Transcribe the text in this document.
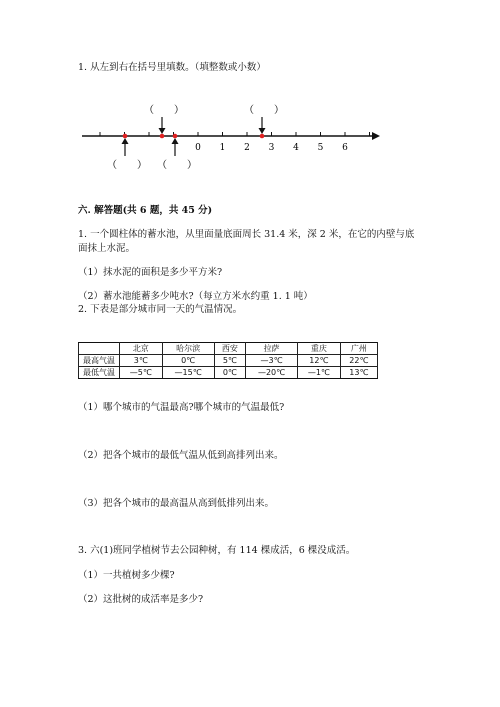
1. 从左到右在括号里填数。（填整数或小数）
0 1 2 3 4 5 6
（　　）	（　　）
（　　） （　　）
六. 解答题(共 6 题，共 45 分)
1. 一个圆柱体的蓄水池，从里面量底面周长 31.4 米，深 2 米，在它的内壁与底
面抹上水泥。
（1）抹水泥的面积是多少平方米?
（2）蓄水池能蓄多少吨水?（每立方米水约重 1. 1 吨）
2. 下表是部分城市同一天的气温情况。
	北京	哈尔滨	西安	拉萨	重庆	广州
最高气温	3℃	0℃	5℃	—3℃	12℃	22℃
最低气温	—5℃	—15℃	0℃	—20℃	—1℃	13℃
（1）哪个城市的气温最高?哪个城市的气温最低?
（2）把各个城市的最低气温从低到高排列出来。
（3）把各个城市的最高温从高到低排列出来。
3. 六(1)班同学植树节去公园种树，有 114 棵成活，6 棵没成活。
（1）一共植树多少棵?
（2）这批树的成活率是多少?
